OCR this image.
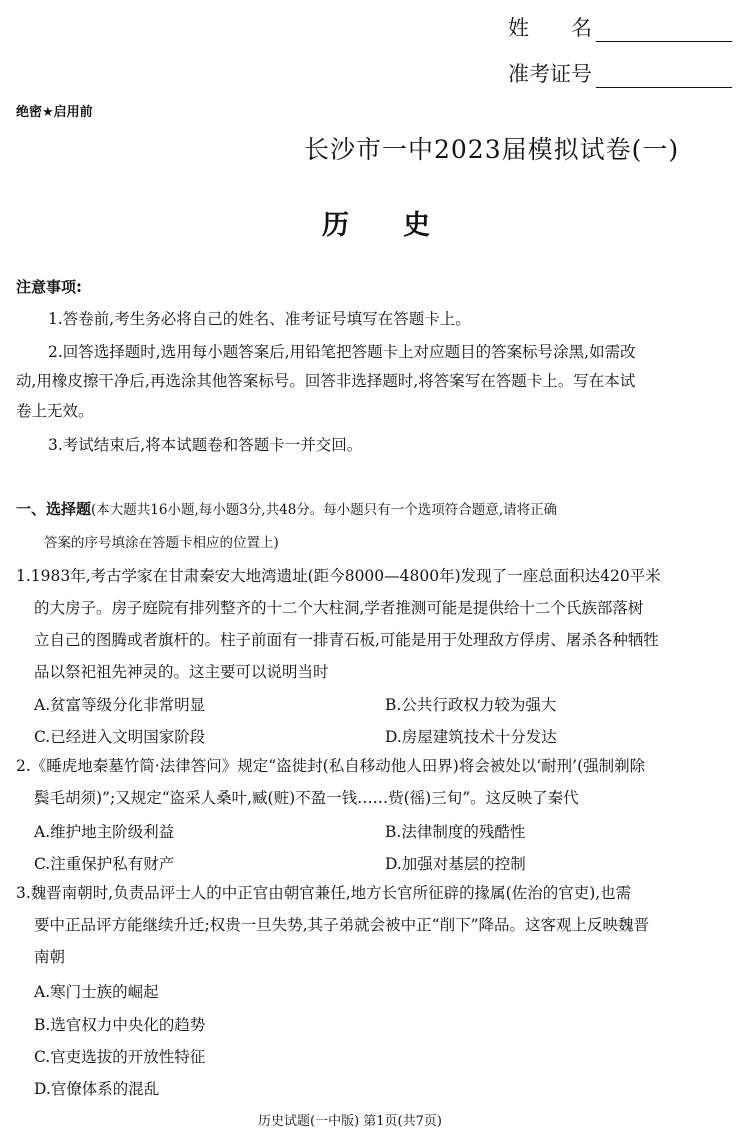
姓　　名
准考证号
绝密★启用前
长沙市一中2023届模拟试卷(一)
历　　史
注意事项:
1.答卷前,考生务必将自己的姓名、准考证号填写在答题卡上。
2.回答选择题时,选用每小题答案后,用铅笔把答题卡上对应题目的答案标号涂黑,如需改
动,用橡皮擦干净后,再选涂其他答案标号。回答非选择题时,将答案写在答题卡上。写在本试
卷上无效。
3.考试结束后,将本试题卷和答题卡一并交回。
一、选择题(本大题共16小题,每小题3分,共48分。每小题只有一个选项符合题意,请将正确
答案的序号填涂在答题卡相应的位置上)
1.1983年,考古学家在甘肃秦安大地湾遗址(距今8000—4800年)发现了一座总面积达420平米
的大房子。房子庭院有排列整齐的十二个大柱洞,学者推测可能是提供给十二个氏族部落树
立自己的图腾或者旗杆的。柱子前面有一排青石板,可能是用于处理敌方俘虏、屠杀各种牺牲
品以祭祀祖先神灵的。这主要可以说明当时
A.贫富等级分化非常明显	B.公共行政权力较为强大
C.已经进入文明国家阶段	D.房屋建筑技术十分发达
2.《睡虎地秦墓竹简·法律答问》规定“盗徙封(私自移动他人田界)将会被处以‘耐刑’(强制剃除
鬓毛胡须)”;又规定“盗采人桑叶,臧(赃)不盈一钱……赀(徭)三旬”。这反映了秦代
A.维护地主阶级利益	B.法律制度的残酷性
C.注重保护私有财产	D.加强对基层的控制
3.魏晋南朝时,负责品评士人的中正官由朝官兼任,地方长官所征辟的掾属(佐治的官吏),也需
要中正品评方能继续升迁;权贵一旦失势,其子弟就会被中正“削下”降品。这客观上反映魏晋
南朝
A.寒门士族的崛起
B.选官权力中央化的趋势
C.官吏选拔的开放性特征
D.官僚体系的混乱
历史试题(一中版) 第1页(共7页)
